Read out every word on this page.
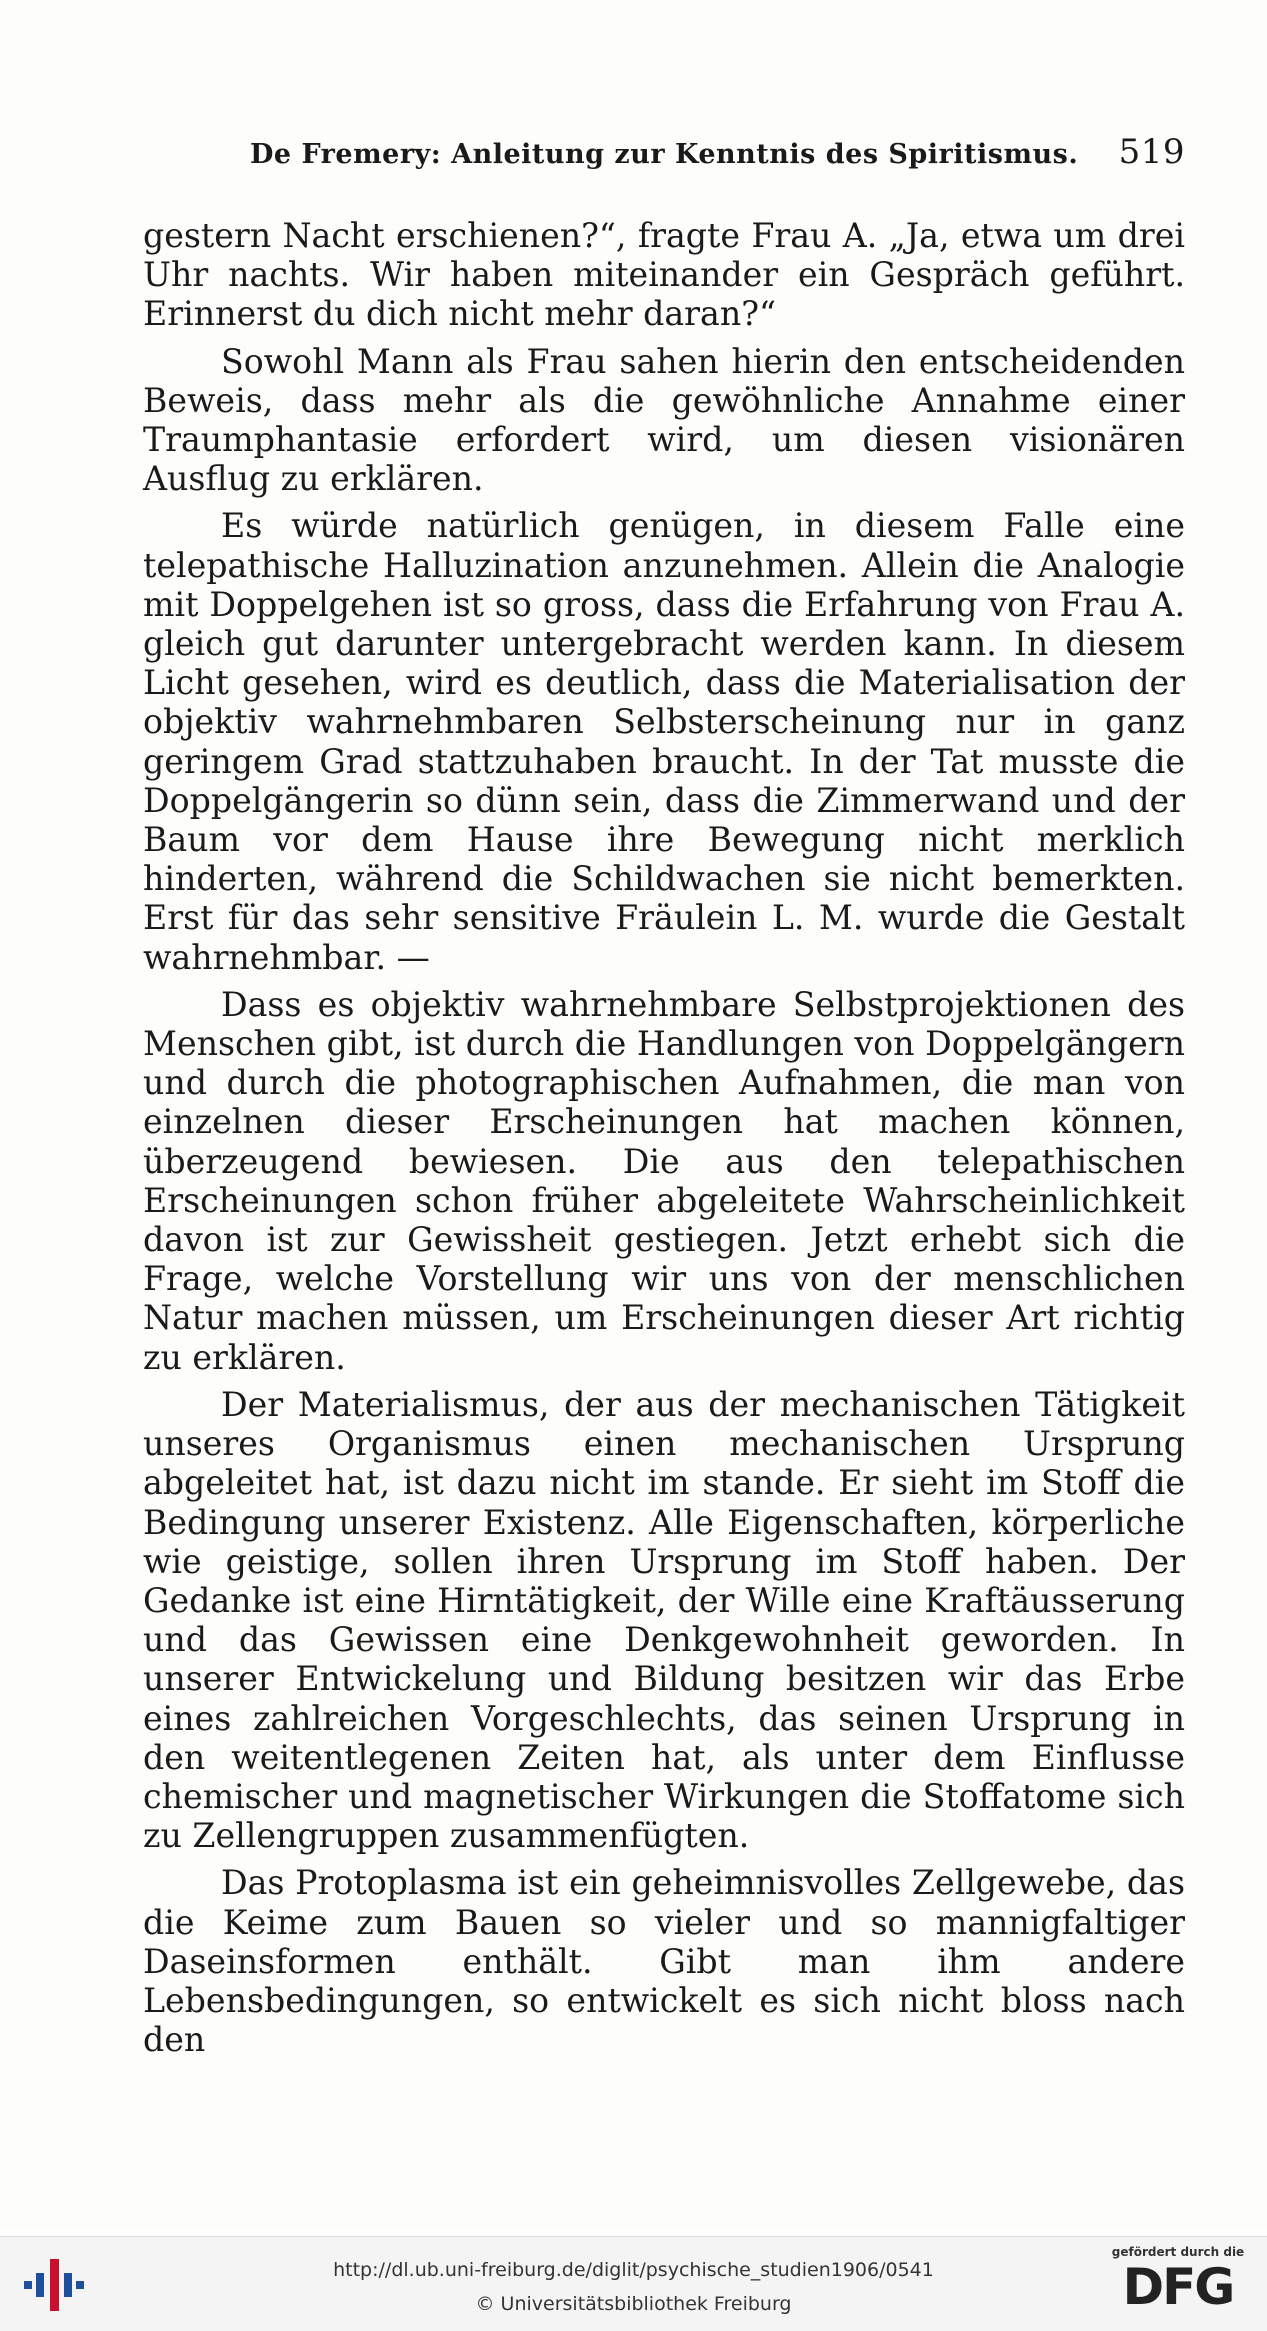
De Fremery: Anleitung zur Kenntnis des Spiritismus. 519

gestern Nacht erschienen?“, fragte Frau A. „Ja, etwa um drei Uhr nachts. Wir haben miteinander ein Gespräch geführt. Erinnerst du dich nicht mehr daran?“

Sowohl Mann als Frau sahen hierin den entscheidenden Beweis, dass mehr als die gewöhnliche Annahme einer Traumphantasie erfordert wird, um diesen visionären Ausflug zu erklären.

Es würde natürlich genügen, in diesem Falle eine telepathische Halluzination anzunehmen. Allein die Analogie mit Doppelgehen ist so gross, dass die Erfahrung von Frau A. gleich gut darunter untergebracht werden kann. In diesem Licht gesehen, wird es deutlich, dass die Materialisation der objektiv wahrnehmbaren Selbsterscheinung nur in ganz geringem Grad stattzuhaben braucht. In der Tat musste die Doppelgängerin so dünn sein, dass die Zimmerwand und der Baum vor dem Hause ihre Bewegung nicht merklich hinderten, während die Schildwachen sie nicht bemerkten. Erst für das sehr sensitive Fräulein L. M. wurde die Gestalt wahrnehmbar. —

Dass es objektiv wahrnehmbare Selbstprojektionen des Menschen gibt, ist durch die Handlungen von Doppelgängern und durch die photographischen Aufnahmen, die man von einzelnen dieser Erscheinungen hat machen können, überzeugend bewiesen. Die aus den telepathischen Erscheinungen schon früher abgeleitete Wahrscheinlichkeit davon ist zur Gewissheit gestiegen. Jetzt erhebt sich die Frage, welche Vorstellung wir uns von der menschlichen Natur machen müssen, um Erscheinungen dieser Art richtig zu erklären.

Der Materialismus, der aus der mechanischen Tätigkeit unseres Organismus einen mechanischen Ursprung abgeleitet hat, ist dazu nicht im stande. Er sieht im Stoff die Bedingung unserer Existenz. Alle Eigenschaften, körperliche wie geistige, sollen ihren Ursprung im Stoff haben. Der Gedanke ist eine Hirntätigkeit, der Wille eine Kraftäusserung und das Gewissen eine Denkgewohnheit geworden. In unserer Entwickelung und Bildung besitzen wir das Erbe eines zahlreichen Vorgeschlechts, das seinen Ursprung in den weitentlegenen Zeiten hat, als unter dem Einflusse chemischer und magnetischer Wirkungen die Stoffatome sich zu Zellengruppen zusammenfügten.

Das Protoplasma ist ein geheimnisvolles Zellgewebe, das die Keime zum Bauen so vieler und so mannigfaltiger Daseinsformen enthält. Gibt man ihm andere Lebensbedingungen, so entwickelt es sich nicht bloss nach den

http://dl.ub.uni-freiburg.de/diglit/psychische_studien1906/0541
© Universitätsbibliothek Freiburg
gefördert durch die
DFG
